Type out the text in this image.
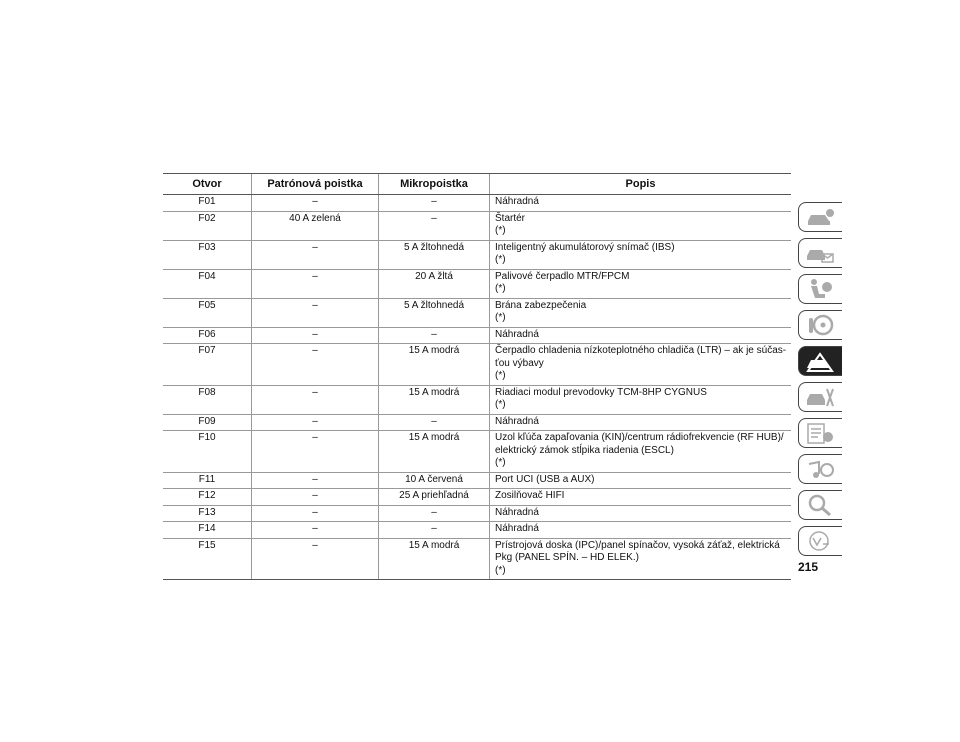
Otvor	Patrónová poistka	Mikropoistka	Popis
F01	–	–	Náhradná

F02	40 A zelená	–	Štartér
(*)

F03	–	5 A žltohnedá	Inteligentný akumulátorový snímač (IBS)
(*)

F04	–	20 A žltá	Palivové čerpadlo MTR/FPCM
(*)

F05	–	5 A žltohnedá	Brána zabezpečenia
(*)

F06	–	–	Náhradná

F07	–	15 A modrá	Čerpadlo chladenia nízkoteplotného chladiča (LTR) – ak je súčas-
ťou výbavy
(*)

F08	–	15 A modrá	Riadiaci modul prevodovky TCM-8HP CYGNUS
(*)

F09	–	–	Náhradná

F10	–	15 A modrá	Uzol kľúča zapaľovania (KIN)/centrum rádiofrekvencie (RF HUB)/
elektrický zámok stĺpika riadenia (ESCL)
(*)

F11	–	10 A červená	Port UCI (USB a AUX)

F12	–	25 A priehľadná	Zosilňovač HIFI

F13	–	–	Náhradná

F14	–	–	Náhradná

F15	–	15 A modrá	Prístrojová doska (IPC)/panel spínačov, vysoká záťaž, elektrická
Pkg (PANEL SPÍN. – HD ELEK.)
(*)	215
